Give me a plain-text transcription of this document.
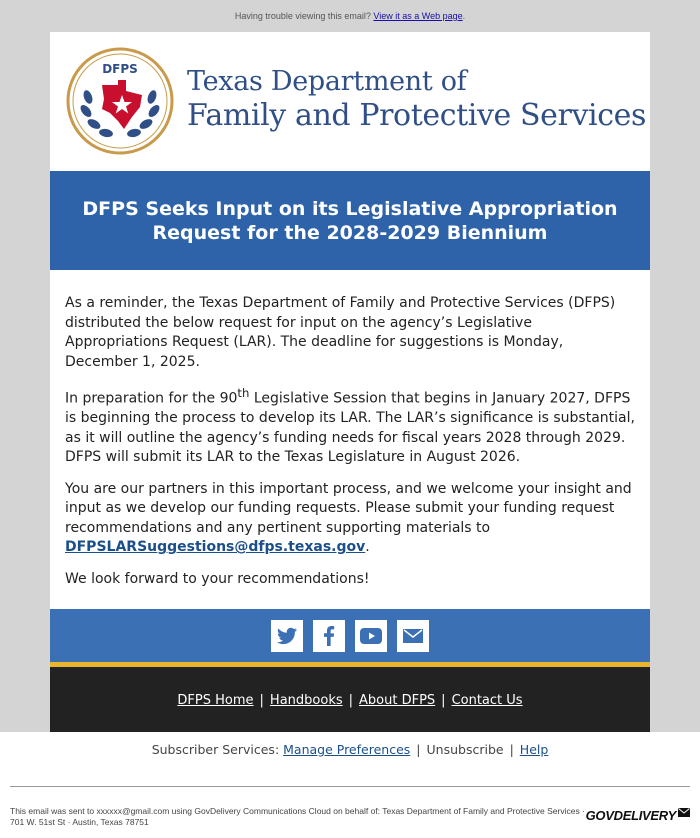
Having trouble viewing this email? View it as a Web page.
DFPS Texas Department of
Family and Protective Services
DFPS Seeks Input on its Legislative Appropriation Request for the 2028-2029 Biennium

As a reminder, the Texas Department of Family and Protective Services (DFPS) distributed the below request for input on the agency’s Legislative Appropriations Request (LAR). The deadline for suggestions is Monday, December 1, 2025.

In preparation for the 90th Legislative Session that begins in January 2027, DFPS is beginning the process to develop its LAR. The LAR’s significance is substantial, as it will outline the agency’s funding needs for fiscal years 2028 through 2029. DFPS will submit its LAR to the Texas Legislature in August 2026.

You are our partners in this important process, and we welcome your insight and input as we develop our funding requests. Please submit your funding request recommendations and any pertinent supporting materials to DFPSLARSuggestions@dfps.texas.gov.

We look forward to your recommendations!

DFPS Home | Handbooks | About DFPS | Contact Us
Subscriber Services: Manage Preferences | Unsubscribe | Help
This email was sent to xxxxxx@gmail.com using GovDelivery Communications Cloud on behalf of: Texas Department of Family and Protective Services · 701 W. 51st St · Austin, Texas 78751	GOVDELIVERY
